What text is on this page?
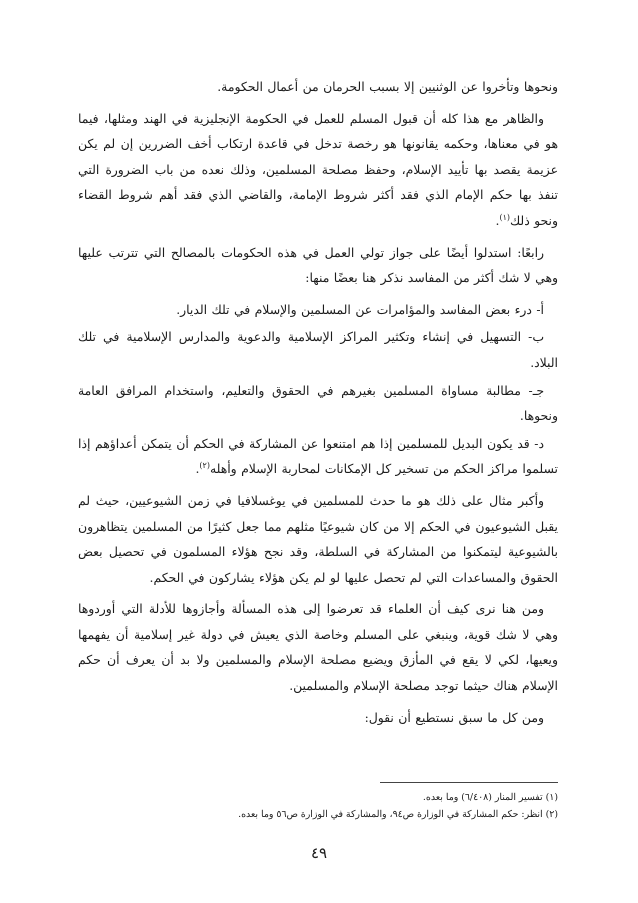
ونحوها وتأخروا عن الوثنيين إلا بسبب الحرمان من أعمال الحكومة.

والظاهر مع هذا كله أن قبول المسلم للعمل في الحكومة الإنجليزية في الهند ومثلها، فيما هو في معناها، وحكمه يقانونها هو رخصة تدخل في قاعدة ارتكاب أخف الضررين إن لم يكن عزيمة يقصد بها تأييد الإسلام، وحفظ مصلحة المسلمين، وذلك نعده من باب الضرورة التي تنفذ بها حكم الإمام الذي فقد أكثر شروط الإمامة، والقاضي الذي فقد أهم شروط القضاء ونحو ذلك$^{(١)}$.

رابعًا: استدلوا أيضًا على جواز تولي العمل في هذه الحكومات بالمصالح التي تترتب عليها وهي لا شك أكثر من المفاسد نذكر هنا بعضًا منها:

أ- درء بعض المفاسد والمؤامرات عن المسلمين والإسلام في تلك الديار.

ب- التسهيل في إنشاء وتكثير المراكز الإسلامية والدعوية والمدارس الإسلامية في تلك البلاد.

جـ- مطالبة مساواة المسلمين بغيرهم في الحقوق والتعليم، واستخدام المرافق العامة ونحوها.

د- قد يكون البديل للمسلمين إذا هم امتنعوا عن المشاركة في الحكم أن يتمكن أعداؤهم إذا تسلموا مراكز الحكم من تسخير كل الإمكانات لمحاربة الإسلام وأهله$^{(٢)}$.

وأكبر مثال على ذلك هو ما حدث للمسلمين في يوغسلافيا في زمن الشيوعيين، حيث لم يقبل الشيوعيون في الحكم إلا من كان شيوعيًا مثلهم مما جعل كثيرًا من المسلمين يتظاهرون بالشيوعية ليتمكنوا من المشاركة في السلطة، وقد نجح هؤلاء المسلمون في تحصيل بعض الحقوق والمساعدات التي لم تحصل عليها لو لم يكن هؤلاء يشاركون في الحكم.

ومن هنا نرى كيف أن العلماء قد تعرضوا إلى هذه المسألة وأجازوها للأدلة التي أوردوها وهي لا شك قوية، وينبغي على المسلم وخاصة الذي يعيش في دولة غير إسلامية أن يفهمها ويعيها، لكي لا يقع في المأزق ويضيع مصلحة الإسلام والمسلمين ولا بد أن يعرف أن حكم الإسلام هناك حيثما توجد مصلحة الإسلام والمسلمين.

ومن كل ما سبق نستطيع أن نقول:

(١) تفسير المنار (٦/٤٠٨) وما بعده.

(٢) انظر: حكم المشاركة في الوزارة ص٩٤، والمشاركة في الوزارة ص٥٦ وما بعده.

٤٩
